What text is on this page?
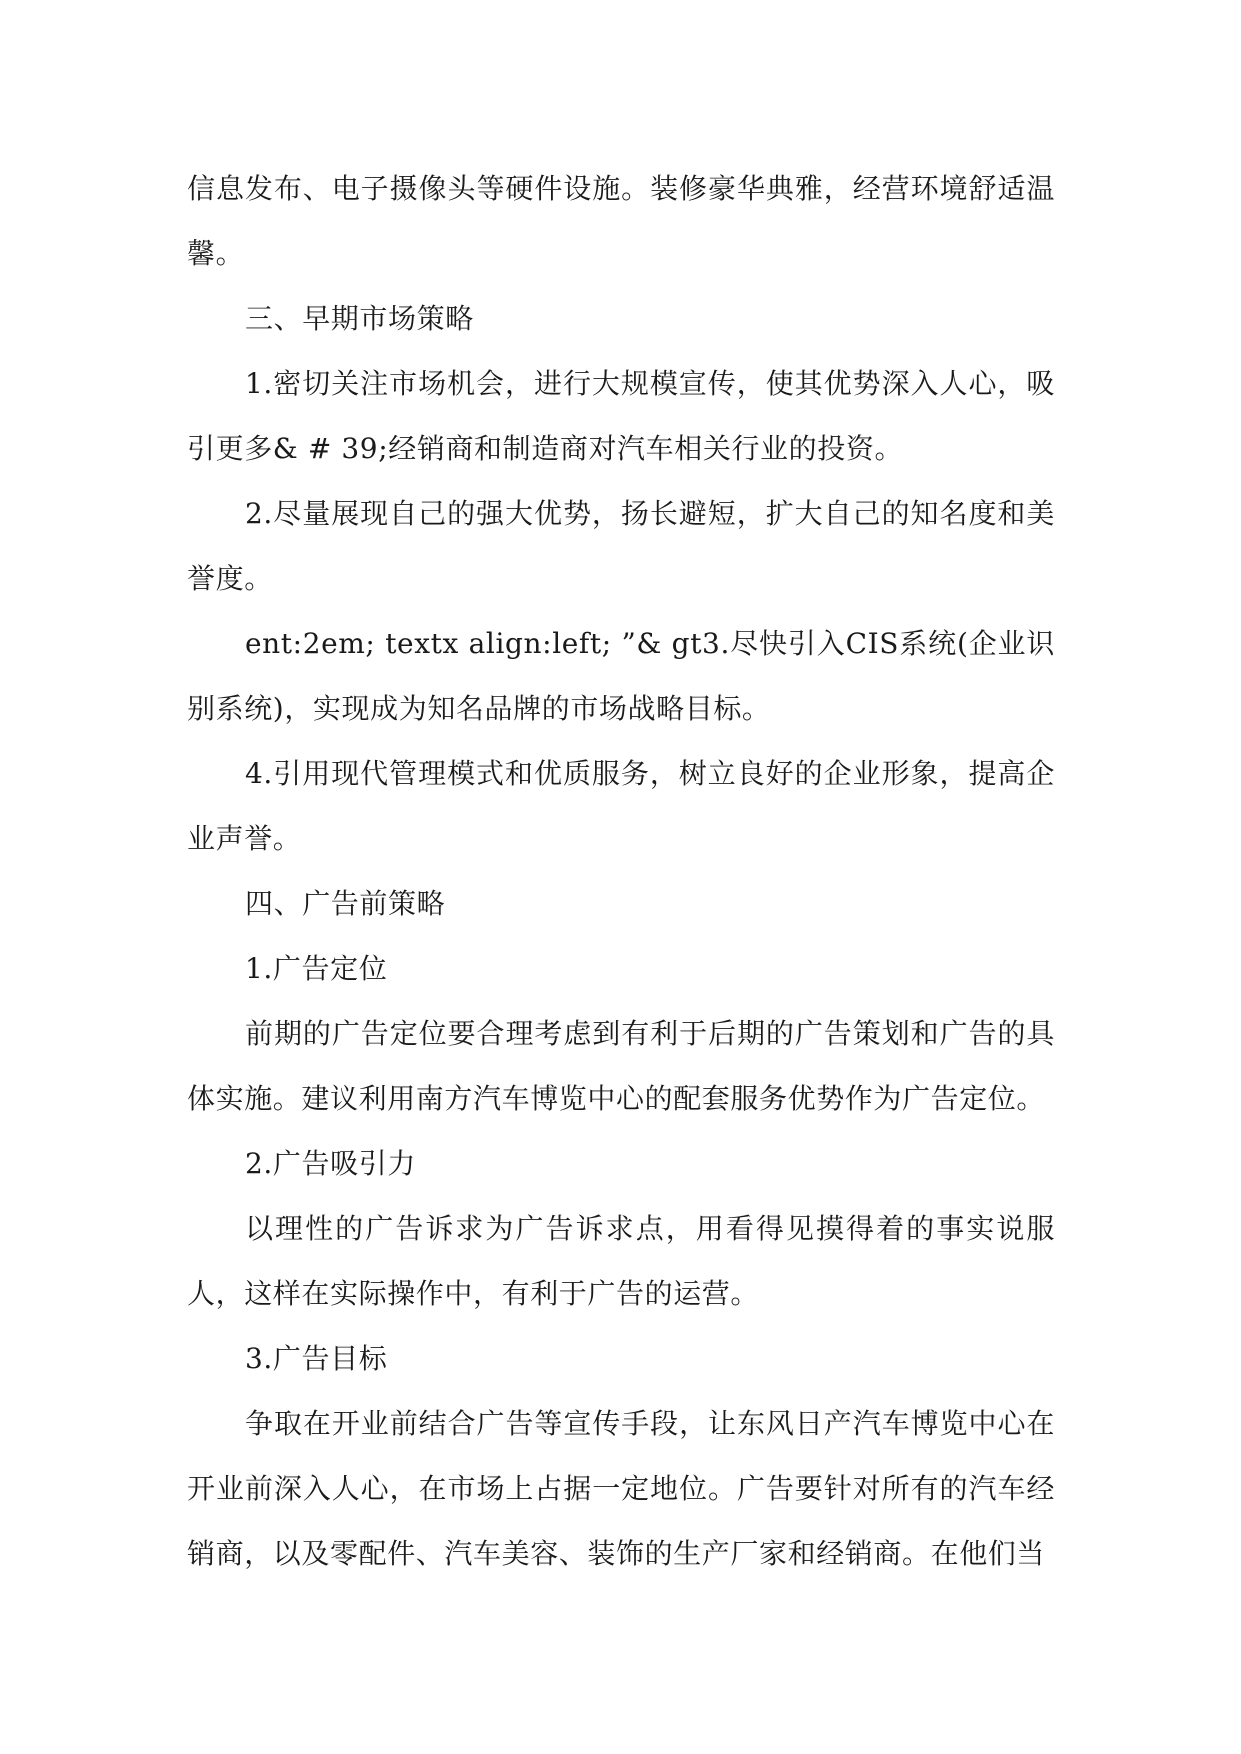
信息发布、电子摄像头等硬件设施。装修豪华典雅，经营环境舒适温馨。

三、早期市场策略

1.密切关注市场机会，进行大规模宣传，使其优势深入人心，吸引更多& # 39;经销商和制造商对汽车相关行业的投资。

2.尽量展现自己的强大优势，扬长避短，扩大自己的知名度和美誉度。

ent:2em; textx align:left; ”& gt3.尽快引入CIS系统(企业识别系统)，实现成为知名品牌的市场战略目标。

4.引用现代管理模式和优质服务，树立良好的企业形象，提高企业声誉。

四、广告前策略

1.广告定位

前期的广告定位要合理考虑到有利于后期的广告策划和广告的具体实施。建议利用南方汽车博览中心的配套服务优势作为广告定位。

2.广告吸引力

以理性的广告诉求为广告诉求点，用看得见摸得着的事实说服人，这样在实际操作中，有利于广告的运营。

3.广告目标

争取在开业前结合广告等宣传手段，让东风日产汽车博览中心在开业前深入人心，在市场上占据一定地位。广告要针对所有的汽车经销商，以及零配件、汽车美容、装饰的生产厂家和经销商。在他们当
